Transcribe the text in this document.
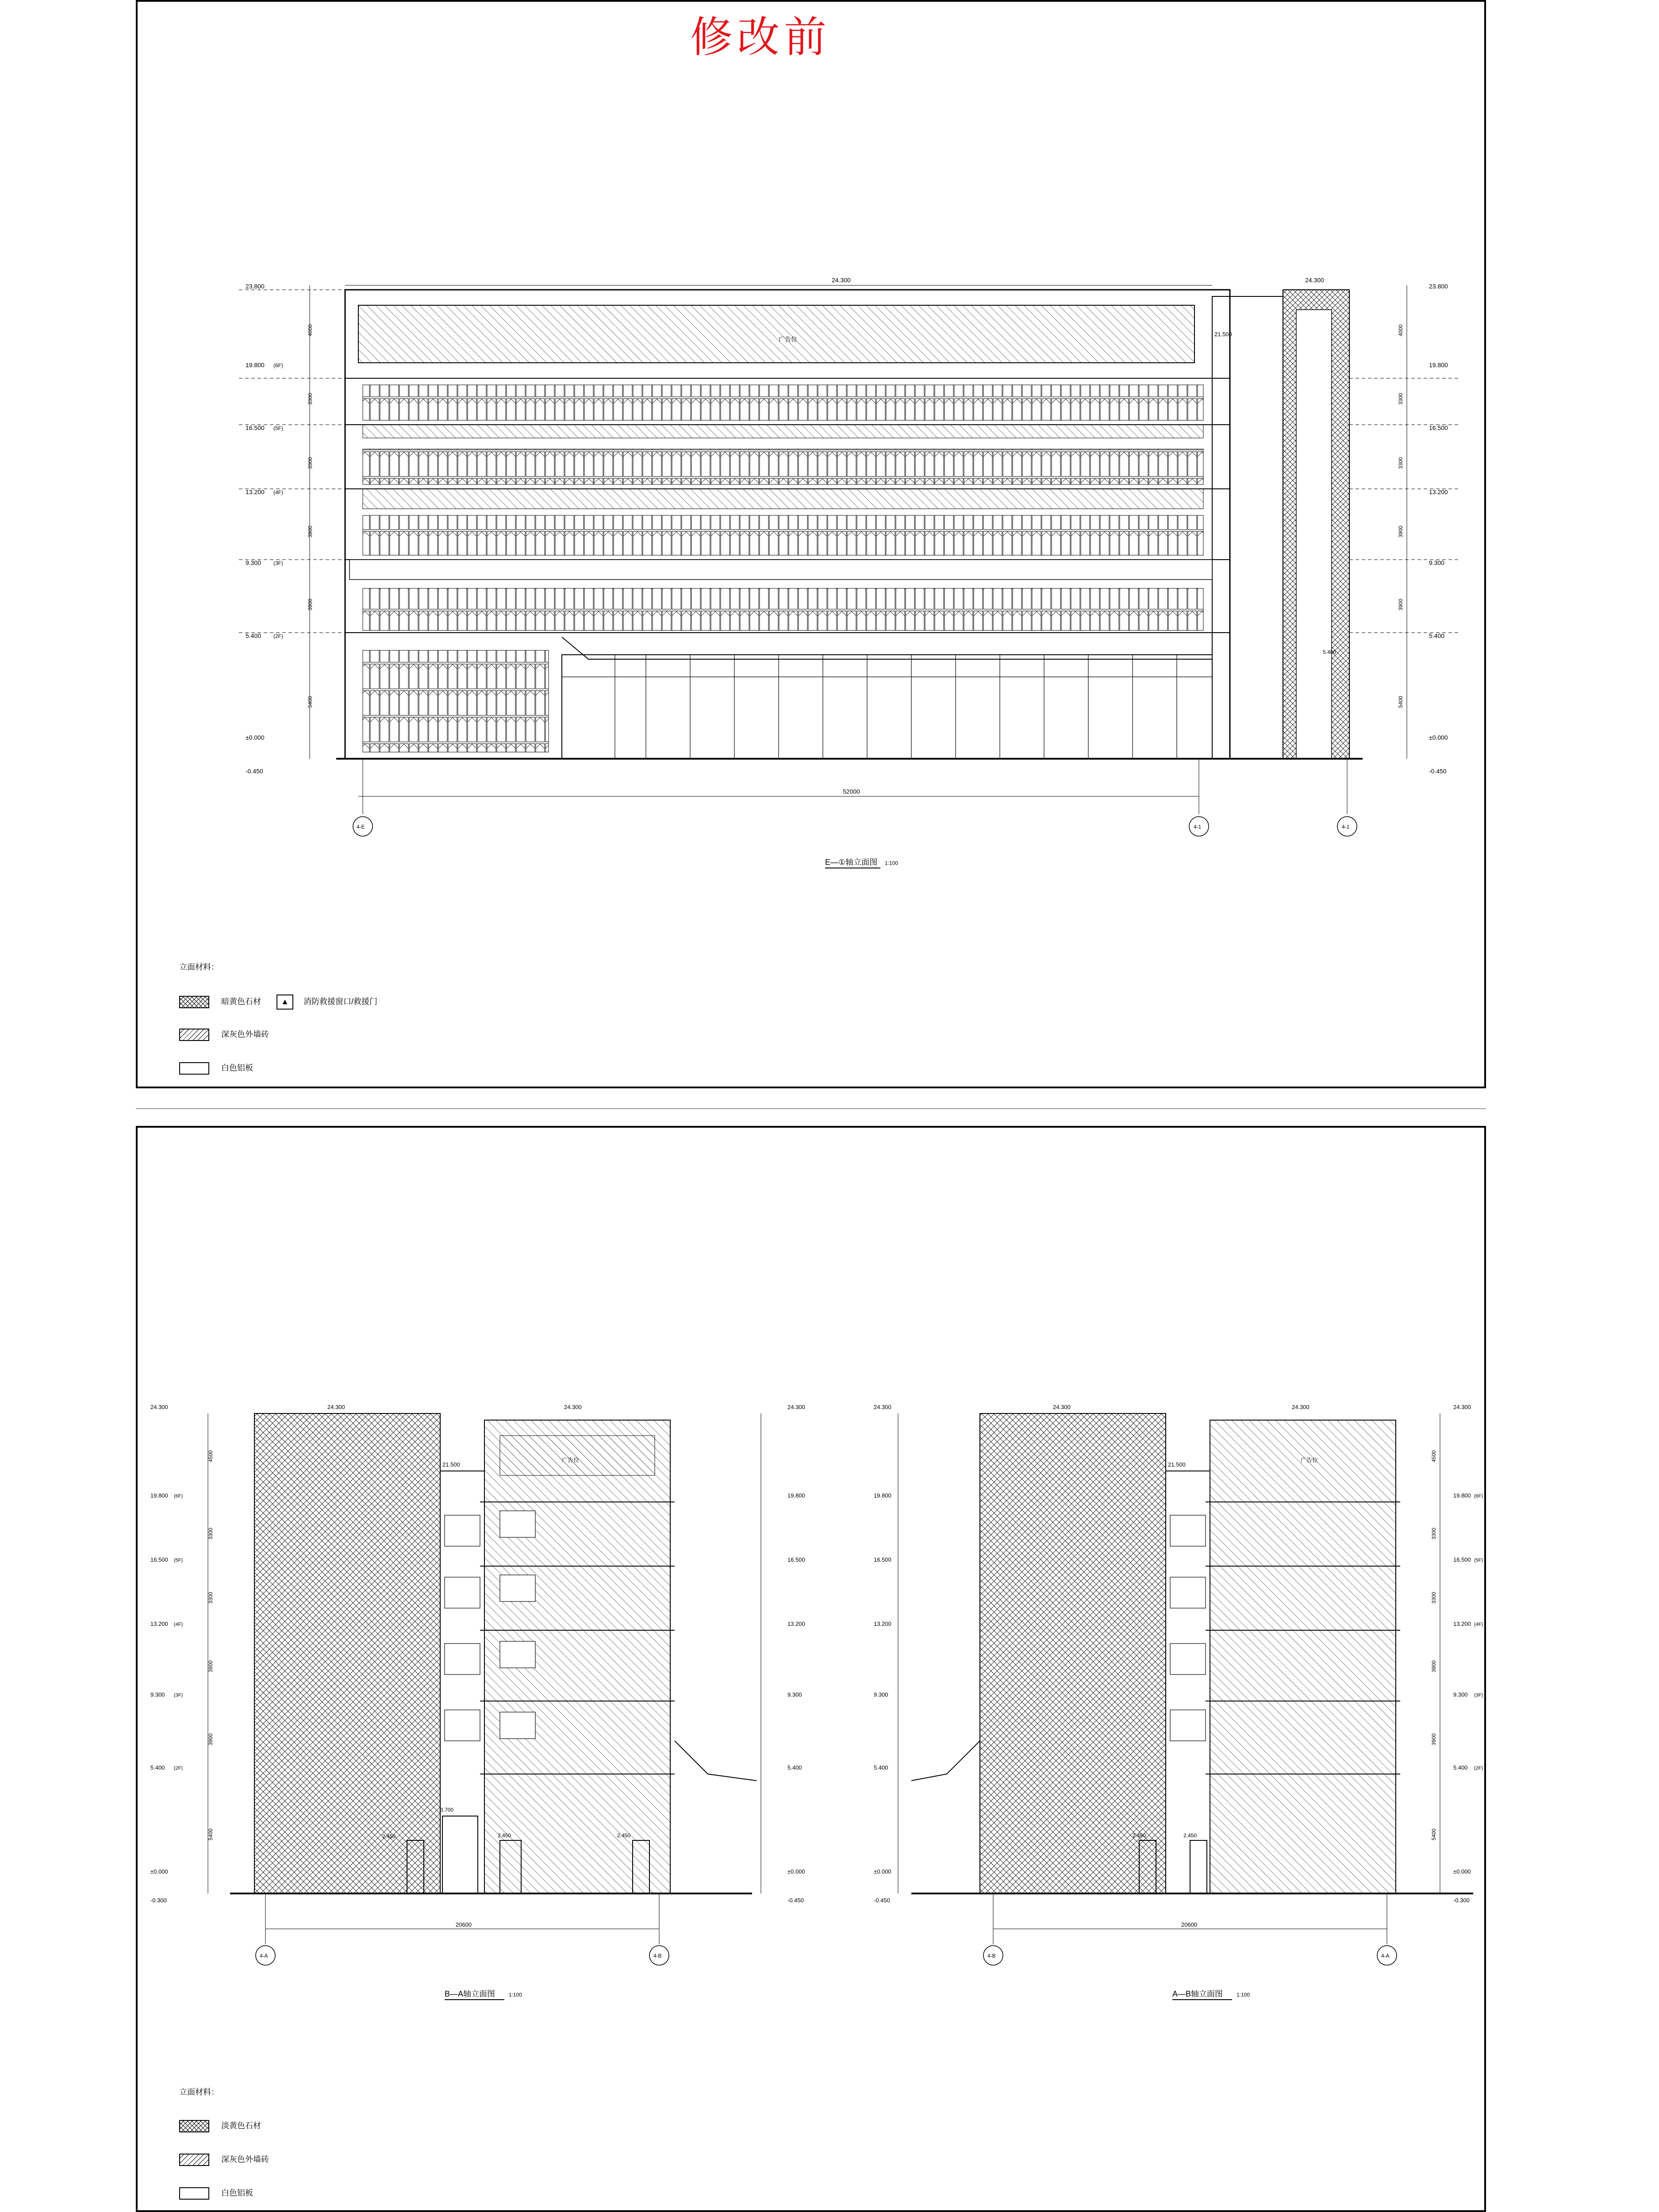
修改前
广告位
24.300	24.300
21.500
5.400
23.800
19.800
16.500
13.200
9.300
5.400
±0.000
-0.450
(6F)
(5F)
(4F)
(3F)
(2F)
23.800
19.800
16.500
13.200
9.300
5.400
±0.000
-0.450
4000
3300
3300
3900
3900
5400
4000
3300
3300
3900
3900
5400
52000
4-E	4-1	4-1
E—①轴立面图 1:100
立面材料：
暗黄色石材	▲ 消防救援窗口/救援门
深灰色外墙砖
白色铝板
广告位
21.500
2.450
3.700
2.450	2.450
24.300	24.300	24.300	24.300
19.800
16.500
13.200
9.300
5.400
±0.000
-0.300
(6F)
(5F)
(4F)
(3F)
(2F)
19.800
16.500
13.200
9.300
5.400
±0.000
-0.450
4500
3300
3300
3900
3900
5400
20600
4-A	4-B
B—A轴立面图	1:100
广告位
21.500
2.450	2.450
24.300	24.300	24.300	24.300
19.800
16.500
13.200
9.300
5.400
±0.000
-0.450
19.800
16.500
13.200
9.300
5.400
±0.000
-0.300
(6F)
(5F)
(4F)
(3F)
(2F)
4500
3300
3300
3900
3900
5400
20600
4-B	4-A
A—B轴立面图	1:100
立面材料：
淡黄色石材
深灰色外墙砖
白色铝板
